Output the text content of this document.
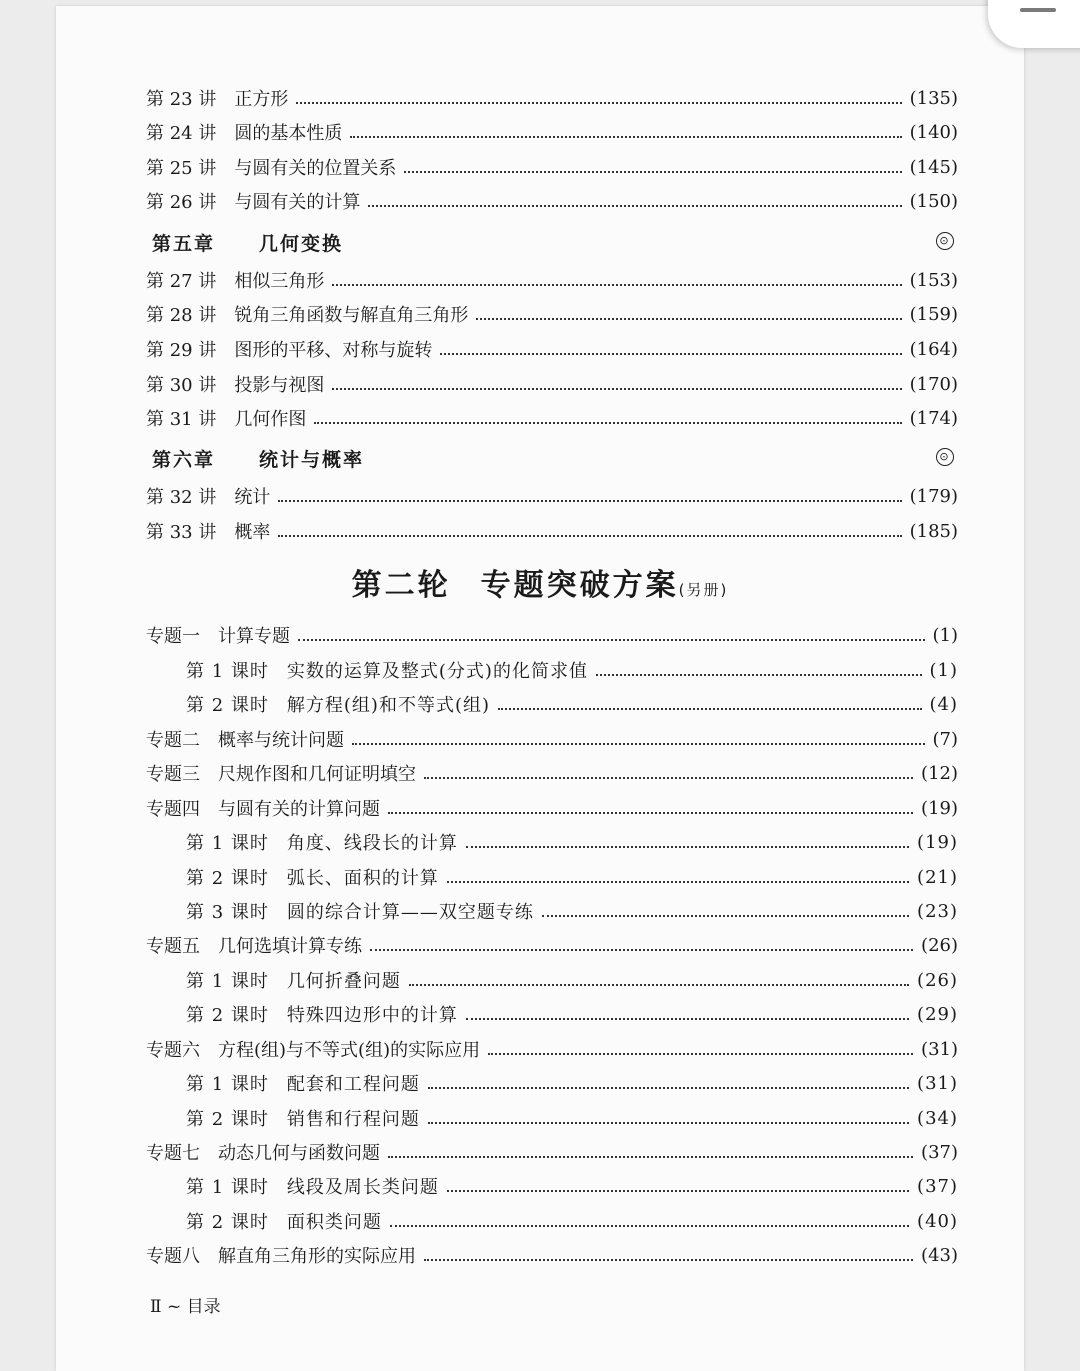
第 23 讲 正方形	(135)
第 24 讲 圆的基本性质	(140)
第 25 讲 与圆有关的位置关系	(145)
第 26 讲 与圆有关的计算	(150)
第五章 几何变换	⊙
第 27 讲 相似三角形	(153)
第 28 讲 锐角三角函数与解直角三角形	(159)
第 29 讲 图形的平移、对称与旋转	(164)
第 30 讲 投影与视图	(170)
第 31 讲 几何作图	(174)
第六章 统计与概率	⊙
第 32 讲 统计	(179)
第 33 讲 概率	(185)
第二轮 专题突破方案(另册)
专题一 计算专题	(1)
第 1 课时 实数的运算及整式(分式)的化简求值	(1)
第 2 课时 解方程(组)和不等式(组)	(4)
专题二 概率与统计问题	(7)
专题三 尺规作图和几何证明填空	(12)
专题四 与圆有关的计算问题	(19)
第 1 课时 角度、线段长的计算	(19)
第 2 课时 弧长、面积的计算	(21)
第 3 课时 圆的综合计算——双空题专练	(23)
专题五 几何选填计算专练	(26)
第 1 课时 几何折叠问题	(26)
第 2 课时 特殊四边形中的计算	(29)
专题六 方程(组)与不等式(组)的实际应用	(31)
第 1 课时 配套和工程问题	(31)
第 2 课时 销售和行程问题	(34)
专题七 动态几何与函数问题	(37)
第 1 课时 线段及周长类问题	(37)
第 2 课时 面积类问题	(40)
专题八 解直角三角形的实际应用	(43)
Ⅱ ~ 目录
